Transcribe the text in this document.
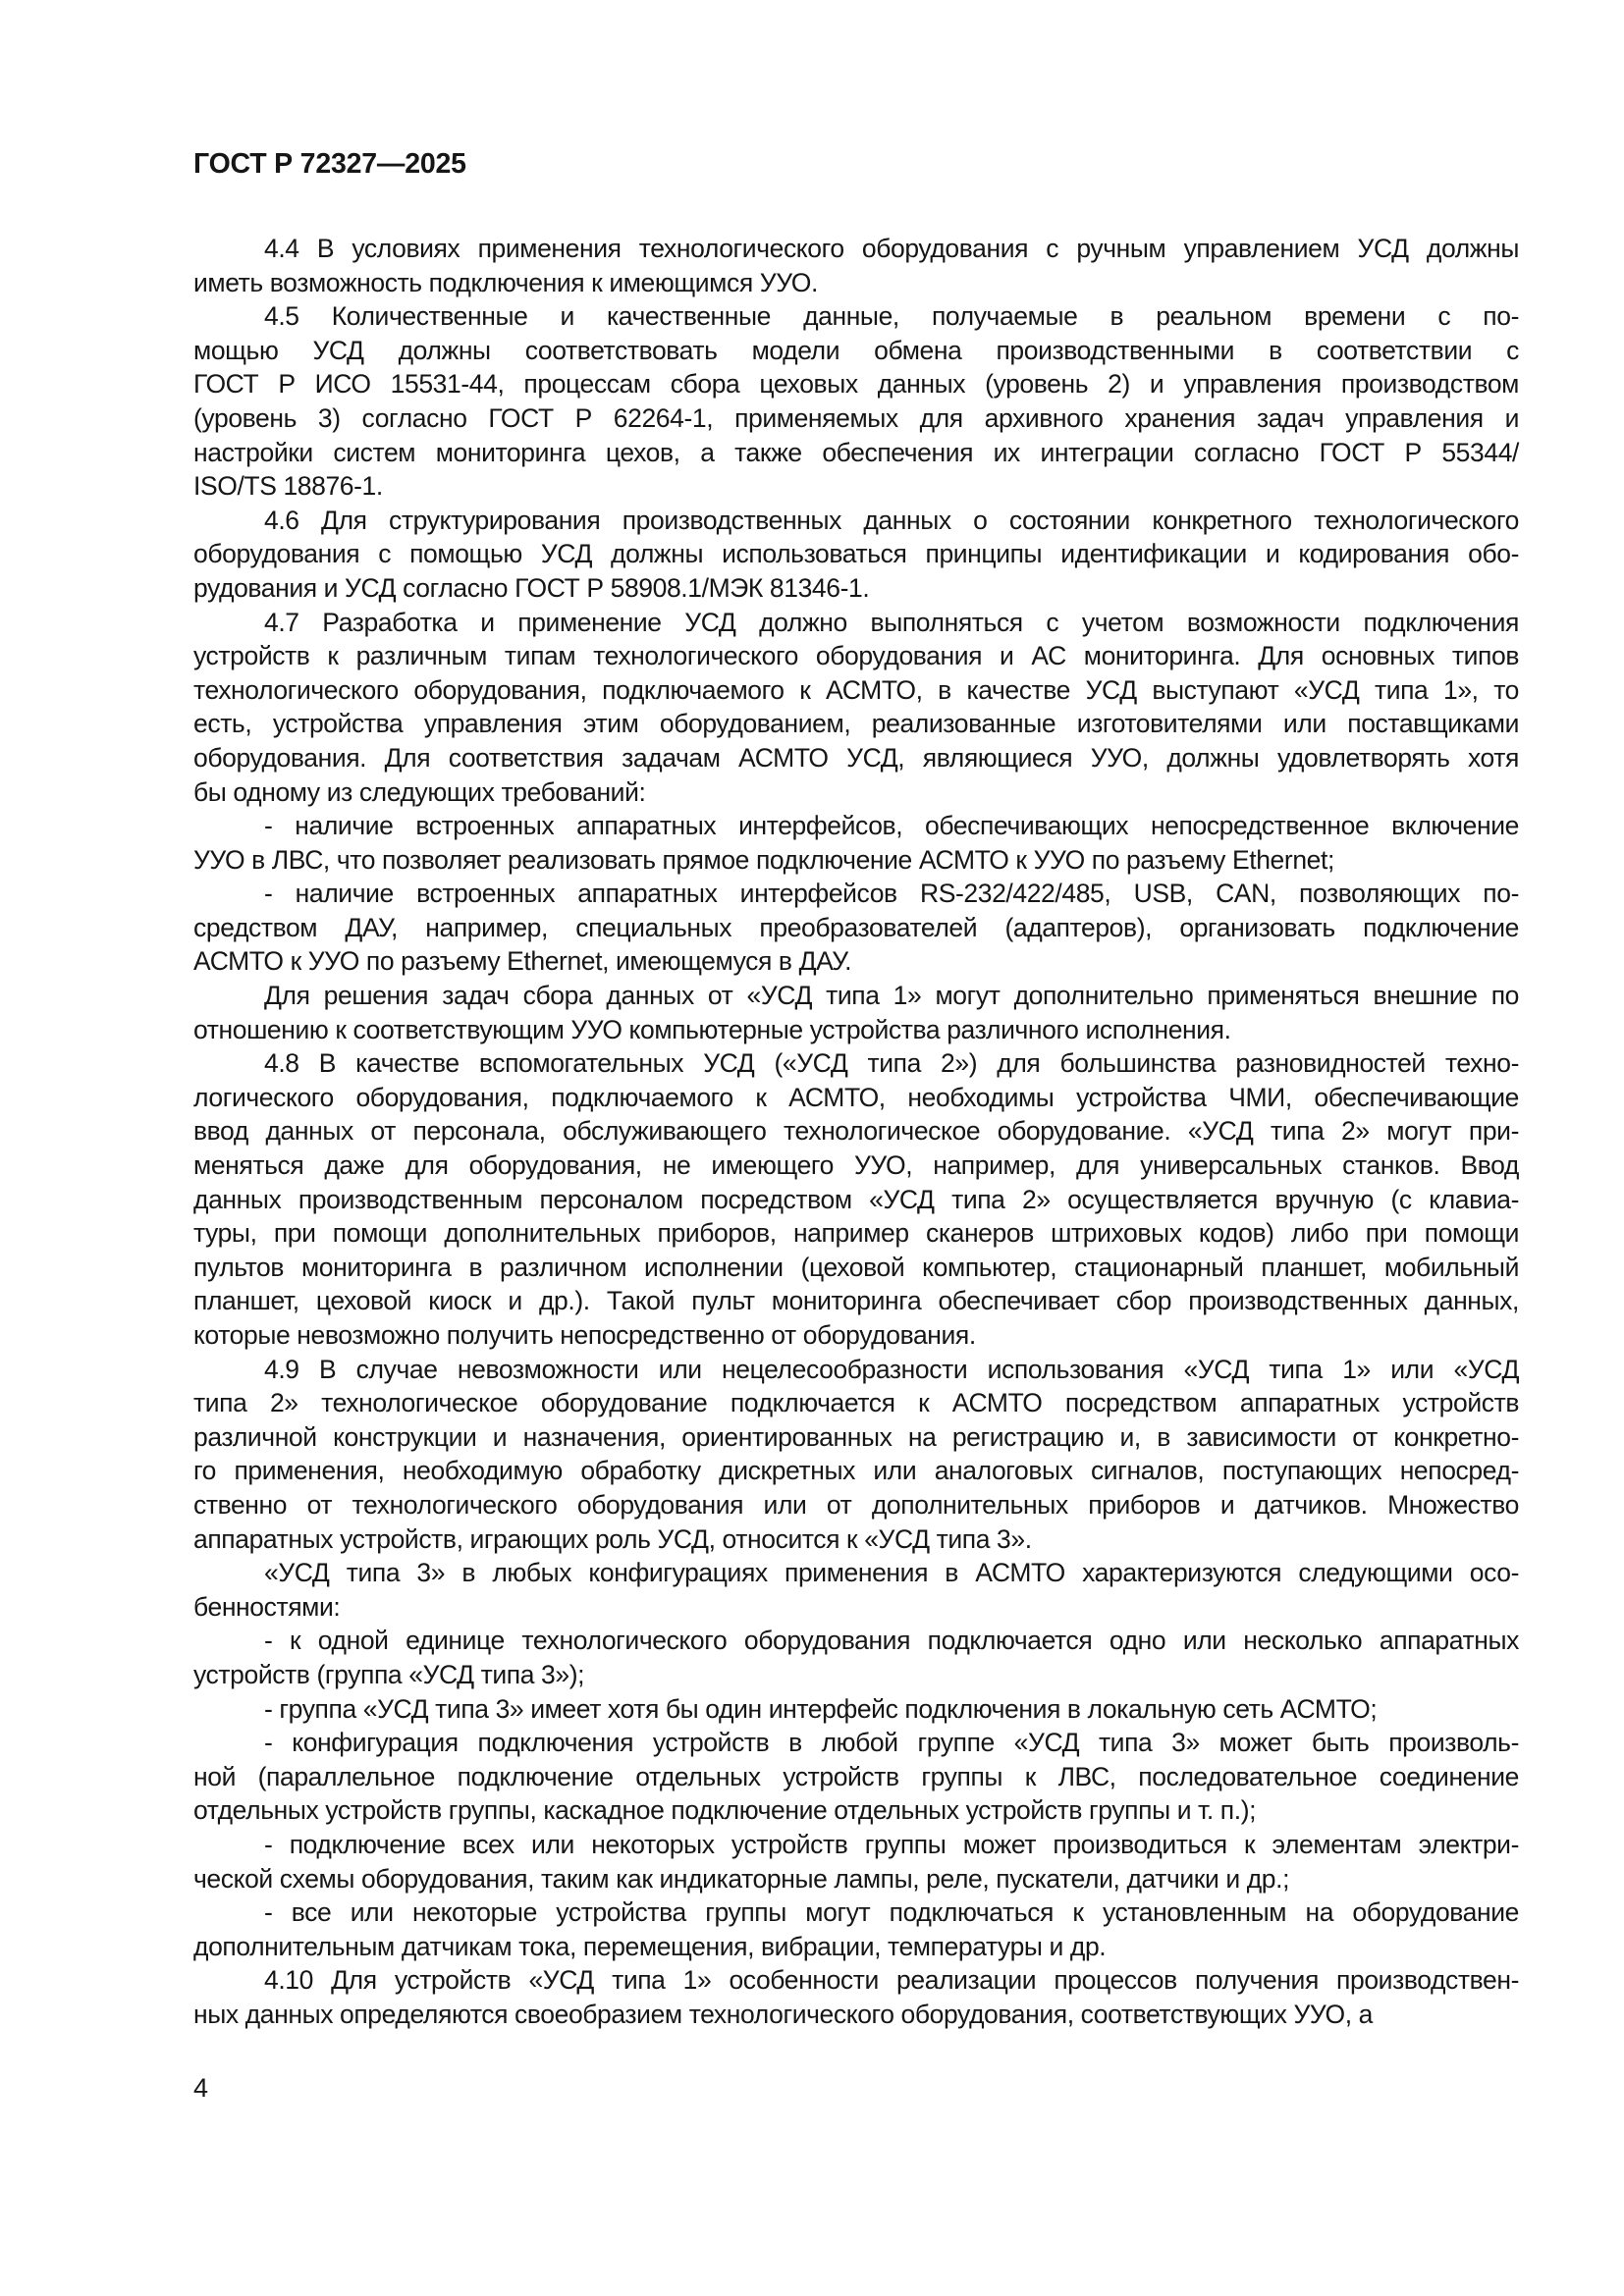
ГОСТ Р 72327—2025
4.4 В условиях применения технологического оборудования с ручным управлением УСД должны
иметь возможность подключения к имеющимся УУО.
4.5 Количественные и качественные данные, получаемые в реальном времени с по-
мощью УСД должны соответствовать модели обмена производственными в соответствии с
ГОСТ Р ИСО 15531-44, процессам сбора цеховых данных (уровень 2) и управления производством
(уровень 3) согласно ГОСТ Р 62264-1, применяемых для архивного хранения задач управления и
настройки систем мониторинга цехов, а также обеспечения их интеграции согласно ГОСТ Р 55344/
ISO/TS 18876-1.
4.6 Для структурирования производственных данных о состоянии конкретного технологического
оборудования с помощью УСД должны использоваться принципы идентификации и кодирования обо-
рудования и УСД согласно ГОСТ Р 58908.1/МЭК 81346-1.
4.7 Разработка и применение УСД должно выполняться с учетом возможности подключения
устройств к различным типам технологического оборудования и АС мониторинга. Для основных типов
технологического оборудования, подключаемого к АСМТО, в качестве УСД выступают «УСД типа 1», то
есть, устройства управления этим оборудованием, реализованные изготовителями или поставщиками
оборудования. Для соответствия задачам АСМТО УСД, являющиеся УУО, должны удовлетворять хотя
бы одному из следующих требований:
- наличие встроенных аппаратных интерфейсов, обеспечивающих непосредственное включение
УУО в ЛВС, что позволяет реализовать прямое подключение АСМТО к УУО по разъему Ethernet;
- наличие встроенных аппаратных интерфейсов RS-232/422/485, USB, CAN, позволяющих по-
средством ДАУ, например, специальных преобразователей (адаптеров), организовать подключение
АСМТО к УУО по разъему Ethernet, имеющемуся в ДАУ.
Для решения задач сбора данных от «УСД типа 1» могут дополнительно применяться внешние по
отношению к соответствующим УУО компьютерные устройства различного исполнения.
4.8 В качестве вспомогательных УСД («УСД типа 2») для большинства разновидностей техно-
логического оборудования, подключаемого к АСМТО, необходимы устройства ЧМИ, обеспечивающие
ввод данных от персонала, обслуживающего технологическое оборудование. «УСД типа 2» могут при-
меняться даже для оборудования, не имеющего УУО, например, для универсальных станков. Ввод
данных производственным персоналом посредством «УСД типа 2» осуществляется вручную (с клавиа-
туры, при помощи дополнительных приборов, например сканеров штриховых кодов) либо при помощи
пультов мониторинга в различном исполнении (цеховой компьютер, стационарный планшет, мобильный
планшет, цеховой киоск и др.). Такой пульт мониторинга обеспечивает сбор производственных данных,
которые невозможно получить непосредственно от оборудования.
4.9 В случае невозможности или нецелесообразности использования «УСД типа 1» или «УСД
типа 2» технологическое оборудование подключается к АСМТО посредством аппаратных устройств
различной конструкции и назначения, ориентированных на регистрацию и, в зависимости от конкретно-
го применения, необходимую обработку дискретных или аналоговых сигналов, поступающих непосред-
ственно от технологического оборудования или от дополнительных приборов и датчиков. Множество
аппаратных устройств, играющих роль УСД, относится к «УСД типа 3».
«УСД типа 3» в любых конфигурациях применения в АСМТО характеризуются следующими осо-
бенностями:
- к одной единице технологического оборудования подключается одно или несколько аппаратных
устройств (группа «УСД типа 3»);
- группа «УСД типа 3» имеет хотя бы один интерфейс подключения в локальную сеть АСМТО;
- конфигурация подключения устройств в любой группе «УСД типа 3» может быть произволь-
ной (параллельное подключение отдельных устройств группы к ЛВС, последовательное соединение
отдельных устройств группы, каскадное подключение отдельных устройств группы и т. п.);
- подключение всех или некоторых устройств группы может производиться к элементам электри-
ческой схемы оборудования, таким как индикаторные лампы, реле, пускатели, датчики и др.;
- все или некоторые устройства группы могут подключаться к установленным на оборудование
дополнительным датчикам тока, перемещения, вибрации, температуры и др.
4.10 Для устройств «УСД типа 1» особенности реализации процессов получения производствен-
ных данных определяются своеобразием технологического оборудования, соответствующих УУО, а
4
